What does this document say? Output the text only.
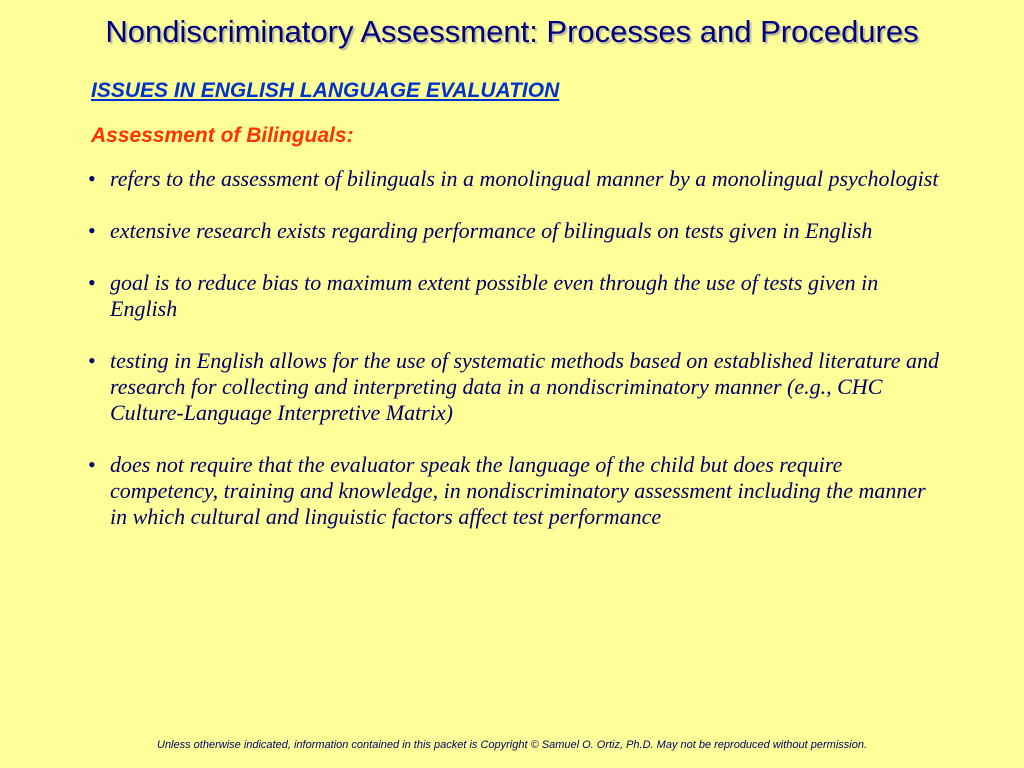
Nondiscriminatory Assessment: Processes and Procedures
ISSUES IN ENGLISH LANGUAGE EVALUATION
Assessment of Bilinguals:
• refers to the assessment of bilinguals in a monolingual manner by a monolingual psychologist
• extensive research exists regarding performance of bilinguals on tests given in English
• goal is to reduce bias to maximum extent possible even through the use of tests given in English
• testing in English allows for the use of systematic methods based on established literature and research for collecting and interpreting data in a nondiscriminatory manner (e.g., CHC Culture-Language Interpretive Matrix)
• does not require that the evaluator speak the language of the child but does require competency, training and knowledge, in nondiscriminatory assessment including the manner in which cultural and linguistic factors affect test performance
Unless otherwise indicated, information contained in this packet is Copyright © Samuel O. Ortiz, Ph.D. May not be reproduced without permission.
